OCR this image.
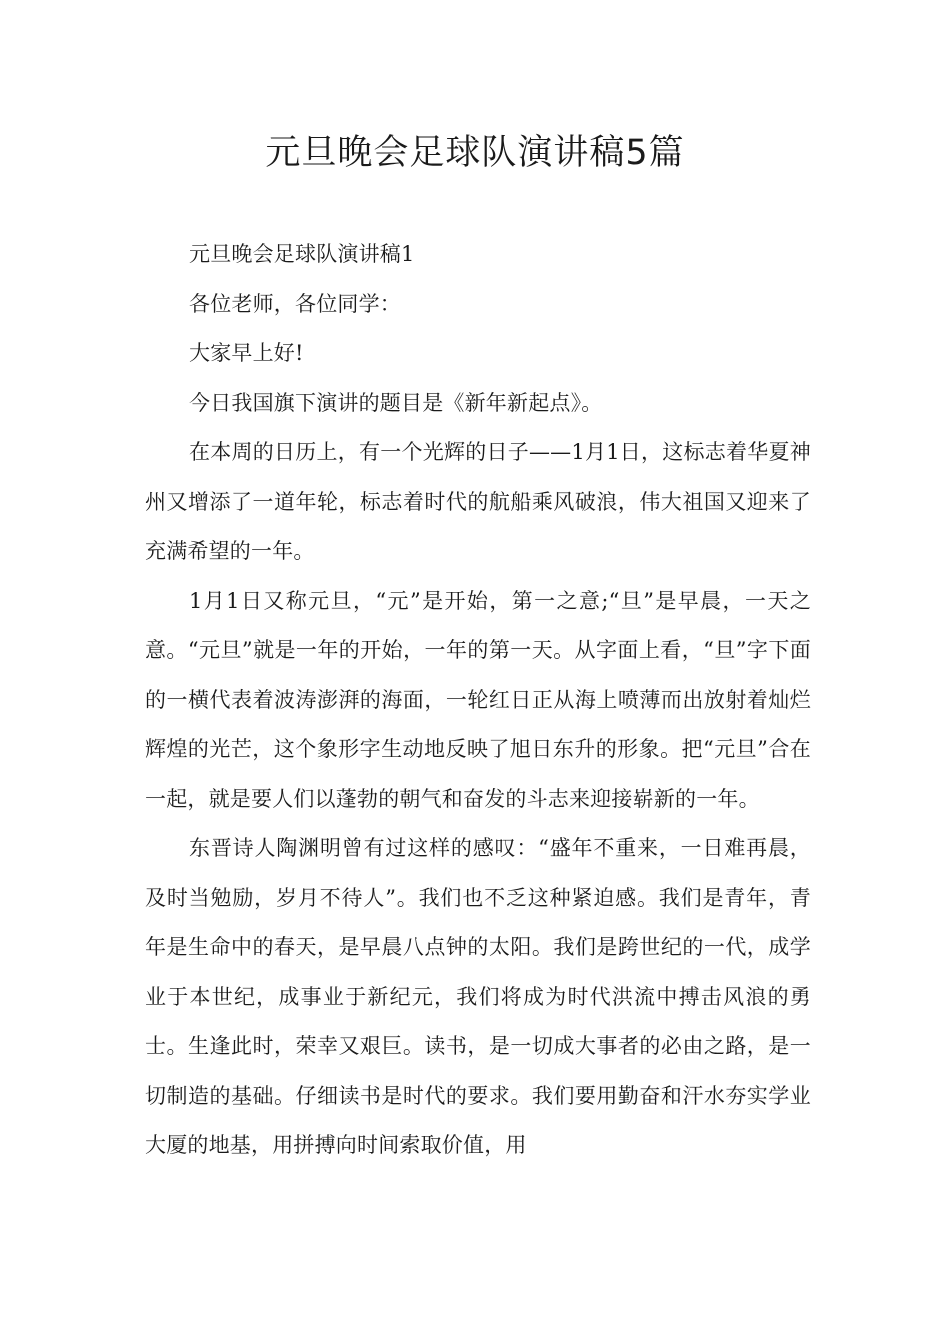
元旦晚会足球队演讲稿5篇

元旦晚会足球队演讲稿1

各位老师，各位同学：

大家早上好!

今日我国旗下演讲的题目是《新年新起点》。

在本周的日历上，有一个光辉的日子——1月1日，这标志着华夏神州又增添了一道年轮，标志着时代的航船乘风破浪，伟大祖国又迎来了充满希望的一年。

1月1日又称元旦，“元”是开始，第一之意;“旦”是早晨，一天之意。“元旦”就是一年的开始，一年的第一天。从字面上看，“旦”字下面的一横代表着波涛澎湃的海面，一轮红日正从海上喷薄而出放射着灿烂辉煌的光芒，这个象形字生动地反映了旭日东升的形象。把“元旦”合在一起，就是要人们以蓬勃的朝气和奋发的斗志来迎接崭新的一年。

东晋诗人陶渊明曾有过这样的感叹：“盛年不重来，一日难再晨，及时当勉励，岁月不待人”。我们也不乏这种紧迫感。我们是青年，青年是生命中的春天，是早晨八点钟的太阳。我们是跨世纪的一代，成学业于本世纪，成事业于新纪元，我们将成为时代洪流中搏击风浪的勇士。生逢此时，荣幸又艰巨。读书，是一切成大事者的必由之路，是一切制造的基础。仔细读书是时代的要求。我们要用勤奋和汗水夯实学业大厦的地基，用拼搏向时间索取价值，用
